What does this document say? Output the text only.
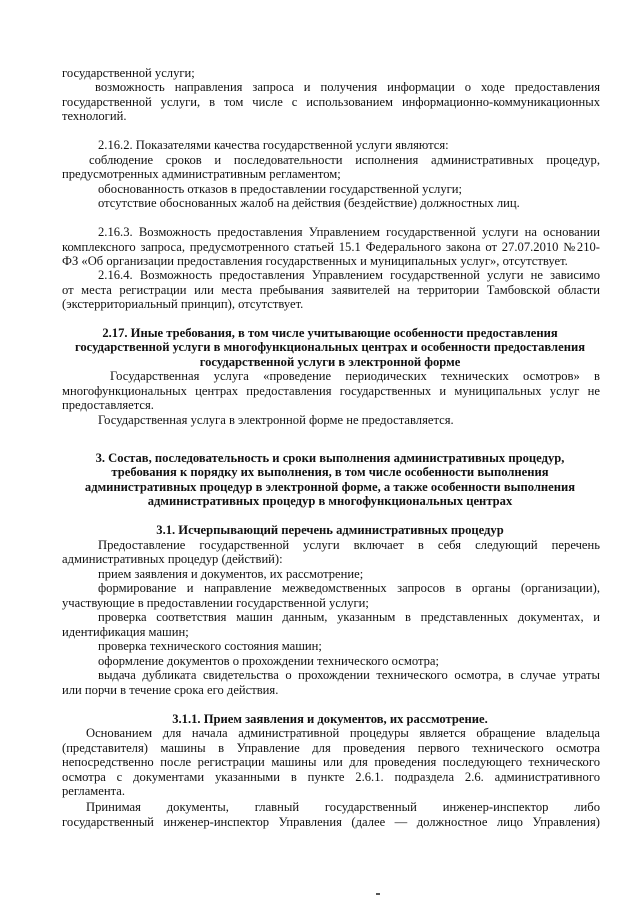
государственной услуги;
возможность направления запроса и получения информации о ходе предоставления
государственной услуги, в том числе с использованием информационно-коммуникационных
технологий.
2.16.2. Показателями качества государственной услуги являются:
соблюдение сроков и последовательности исполнения административных процедур,
предусмотренных административным регламентом;
обоснованность отказов в предоставлении государственной услуги;
отсутствие обоснованных жалоб на действия (бездействие) должностных лиц.
2.16.3. Возможность предоставления Управлением государственной услуги на основании
комплексного запроса, предусмотренного статьей 15.1 Федерального закона от 27.07.2010 №210-
ФЗ «Об организации предоставления государственных и муниципальных услуг», отсутствует.
2.16.4. Возможность предоставления Управлением государственной услуги не зависимо
от места регистрации или места пребывания заявителей на территории Тамбовской области
(экстерриториальный принцип), отсутствует.
2.17. Иные требования, в том числе учитывающие особенности предоставления
государственной услуги в многофункциональных центрах и особенности предоставления
государственной услуги в электронной форме
Государственная услуга «проведение периодических технических осмотров» в
многофункциональных центрах предоставления государственных и муниципальных услуг не
предоставляется.
Государственная услуга в электронной форме не предоставляется.
3. Состав, последовательность и сроки выполнения административных процедур,
требования к порядку их выполнения, в том числе особенности выполнения
административных процедур в электронной форме, а также особенности выполнения
административных процедур в многофункциональных центрах
3.1. Исчерпывающий перечень административных процедур
Предоставление государственной услуги включает в себя следующий перечень
административных процедур (действий):
прием заявления и документов, их рассмотрение;
формирование и направление межведомственных запросов в органы (организации),
участвующие в предоставлении государственной услуги;
проверка соответствия машин данным, указанным в представленных документах, и
идентификация машин;
проверка технического состояния машин;
оформление документов о прохождении технического осмотра;
выдача дубликата свидетельства о прохождении технического осмотра, в случае утраты
или порчи в течение срока его действия.
3.1.1. Прием заявления и документов, их рассмотрение.
Основанием для начала административной процедуры является обращение владельца
(представителя) машины в Управление для проведения первого технического осмотра
непосредственно после регистрации машины или для проведения последующего технического
осмотра с документами указанными в пункте 2.6.1. подраздела 2.6. административного
регламента.
Принимая документы, главный государственный инженер-инспектор либо
государственный инженер-инспектор Управления (далее — должностное лицо Управления)
